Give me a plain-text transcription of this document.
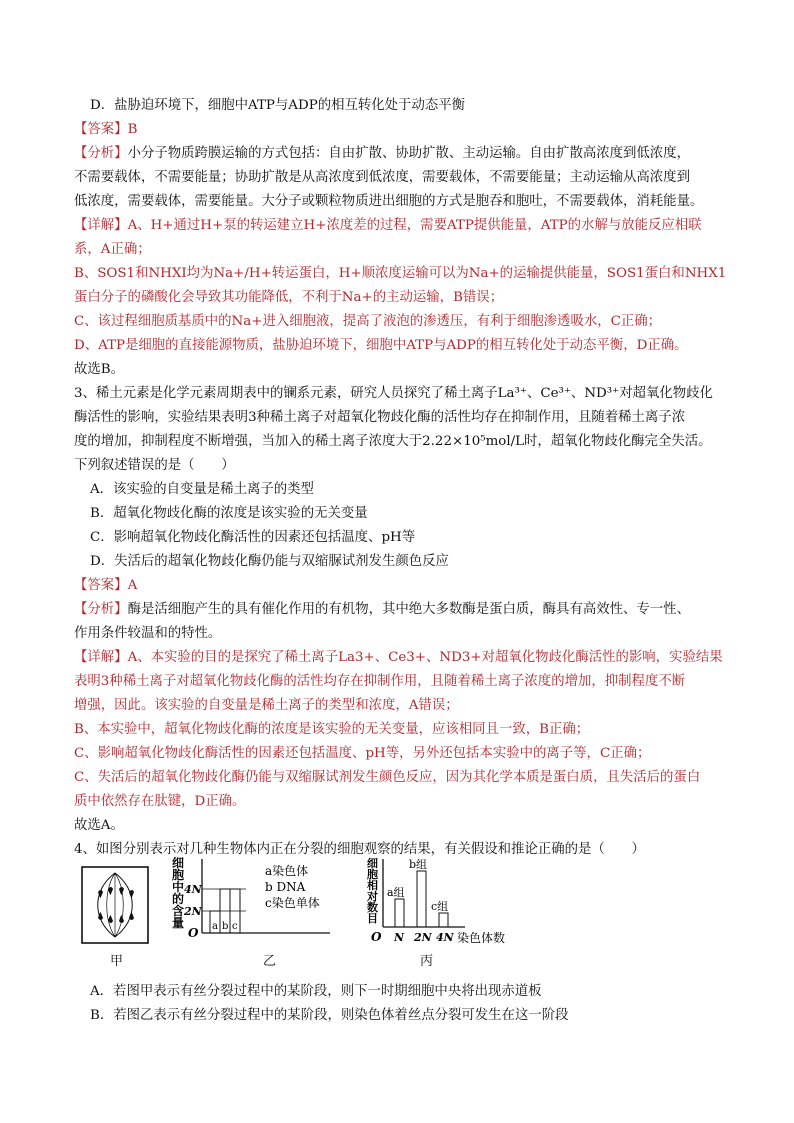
D．盐胁迫环境下，细胞中ATP与ADP的相互转化处于动态平衡
【答案】B
【分析】小分子物质跨膜运输的方式包括：自由扩散、协助扩散、主动运输。自由扩散高浓度到低浓度，
不需要载体，不需要能量；协助扩散是从高浓度到低浓度，需要载体，不需要能量；主动运输从高浓度到
低浓度，需要载体，需要能量。大分子或颗粒物质进出细胞的方式是胞吞和胞吐，不需要载体，消耗能量。
【详解】A、H+通过H+泵的转运建立H+浓度差的过程，需要ATP提供能量，ATP的水解与放能反应相联
系，A正确；
B、SOS1和NHXI均为Na+/H+转运蛋白，H+顺浓度运输可以为Na+的运输提供能量，SOS1蛋白和NHX1
蛋白分子的磷酸化会导致其功能降低，不利于Na+的主动运输，B错误；
C、该过程细胞质基质中的Na+进入细胞液，提高了液泡的渗透压，有利于细胞渗透吸水，C正确；
D、ATP是细胞的直接能源物质，盐胁迫环境下，细胞中ATP与ADP的相互转化处于动态平衡，D正确。
故选B。
3、稀土元素是化学元素周期表中的镧系元素，研究人员探究了稀土离子La³⁺、Ce³⁺、ND³⁺对超氧化物歧化
酶活性的影响，实验结果表明3种稀土离子对超氧化物歧化酶的活性均存在抑制作用，且随着稀土离子浓
度的增加，抑制程度不断增强，当加入的稀土离子浓度大于2.22×10⁵mol/L时，超氧化物歧化酶完全失活。
下列叙述错误的是（　　）
A．该实验的自变量是稀土离子的类型
B．超氧化物歧化酶的浓度是该实验的无关变量
C．影响超氧化物歧化酶活性的因素还包括温度、pH等
D．失活后的超氧化物歧化酶仍能与双缩脲试剂发生颜色反应
【答案】A
【分析】酶是活细胞产生的具有催化作用的有机物，其中绝大多数酶是蛋白质，酶具有高效性、专一性、
作用条件较温和的特性。
【详解】A、本实验的目的是探究了稀土离子La3+、Ce3+、ND3+对超氧化物歧化酶活性的影响，实验结果
表明3种稀土离子对超氧化物歧化酶的活性均存在抑制作用，且随着稀土离子浓度的增加，抑制程度不断
增强，因此。该实验的自变量是稀土离子的类型和浓度，A错误；
B、本实验中，超氧化物歧化酶的浓度是该实验的无关变量，应该相同且一致，B正确；
C、影响超氧化物歧化酶活性的因素还包括温度、pH等，另外还包括本实验中的离子等，C正确；
C、失活后的超氧化物歧化酶仍能与双缩脲试剂发生颜色反应，因为其化学本质是蛋白质，且失活后的蛋白
质中依然存在肽键，D正确。
故选A。
4、如图分别表示对几种生物体内正在分裂的细胞观察的结果，有关假设和推论正确的是（　　）
A．若图甲表示有丝分裂过程中的某阶段，则下一时期细胞中央将出现赤道板
B．若图乙表示有丝分裂过程中的某阶段，则染色体着丝点分裂可发生在这一阶段
甲
细
胞
中
的
含
量
O
4N
2N
a b c
a染色体
b DNA
c染色单体
乙
细
胞
相
对
数
目
O
a组
N
b组
2N
c组
4N 染色体数
丙
